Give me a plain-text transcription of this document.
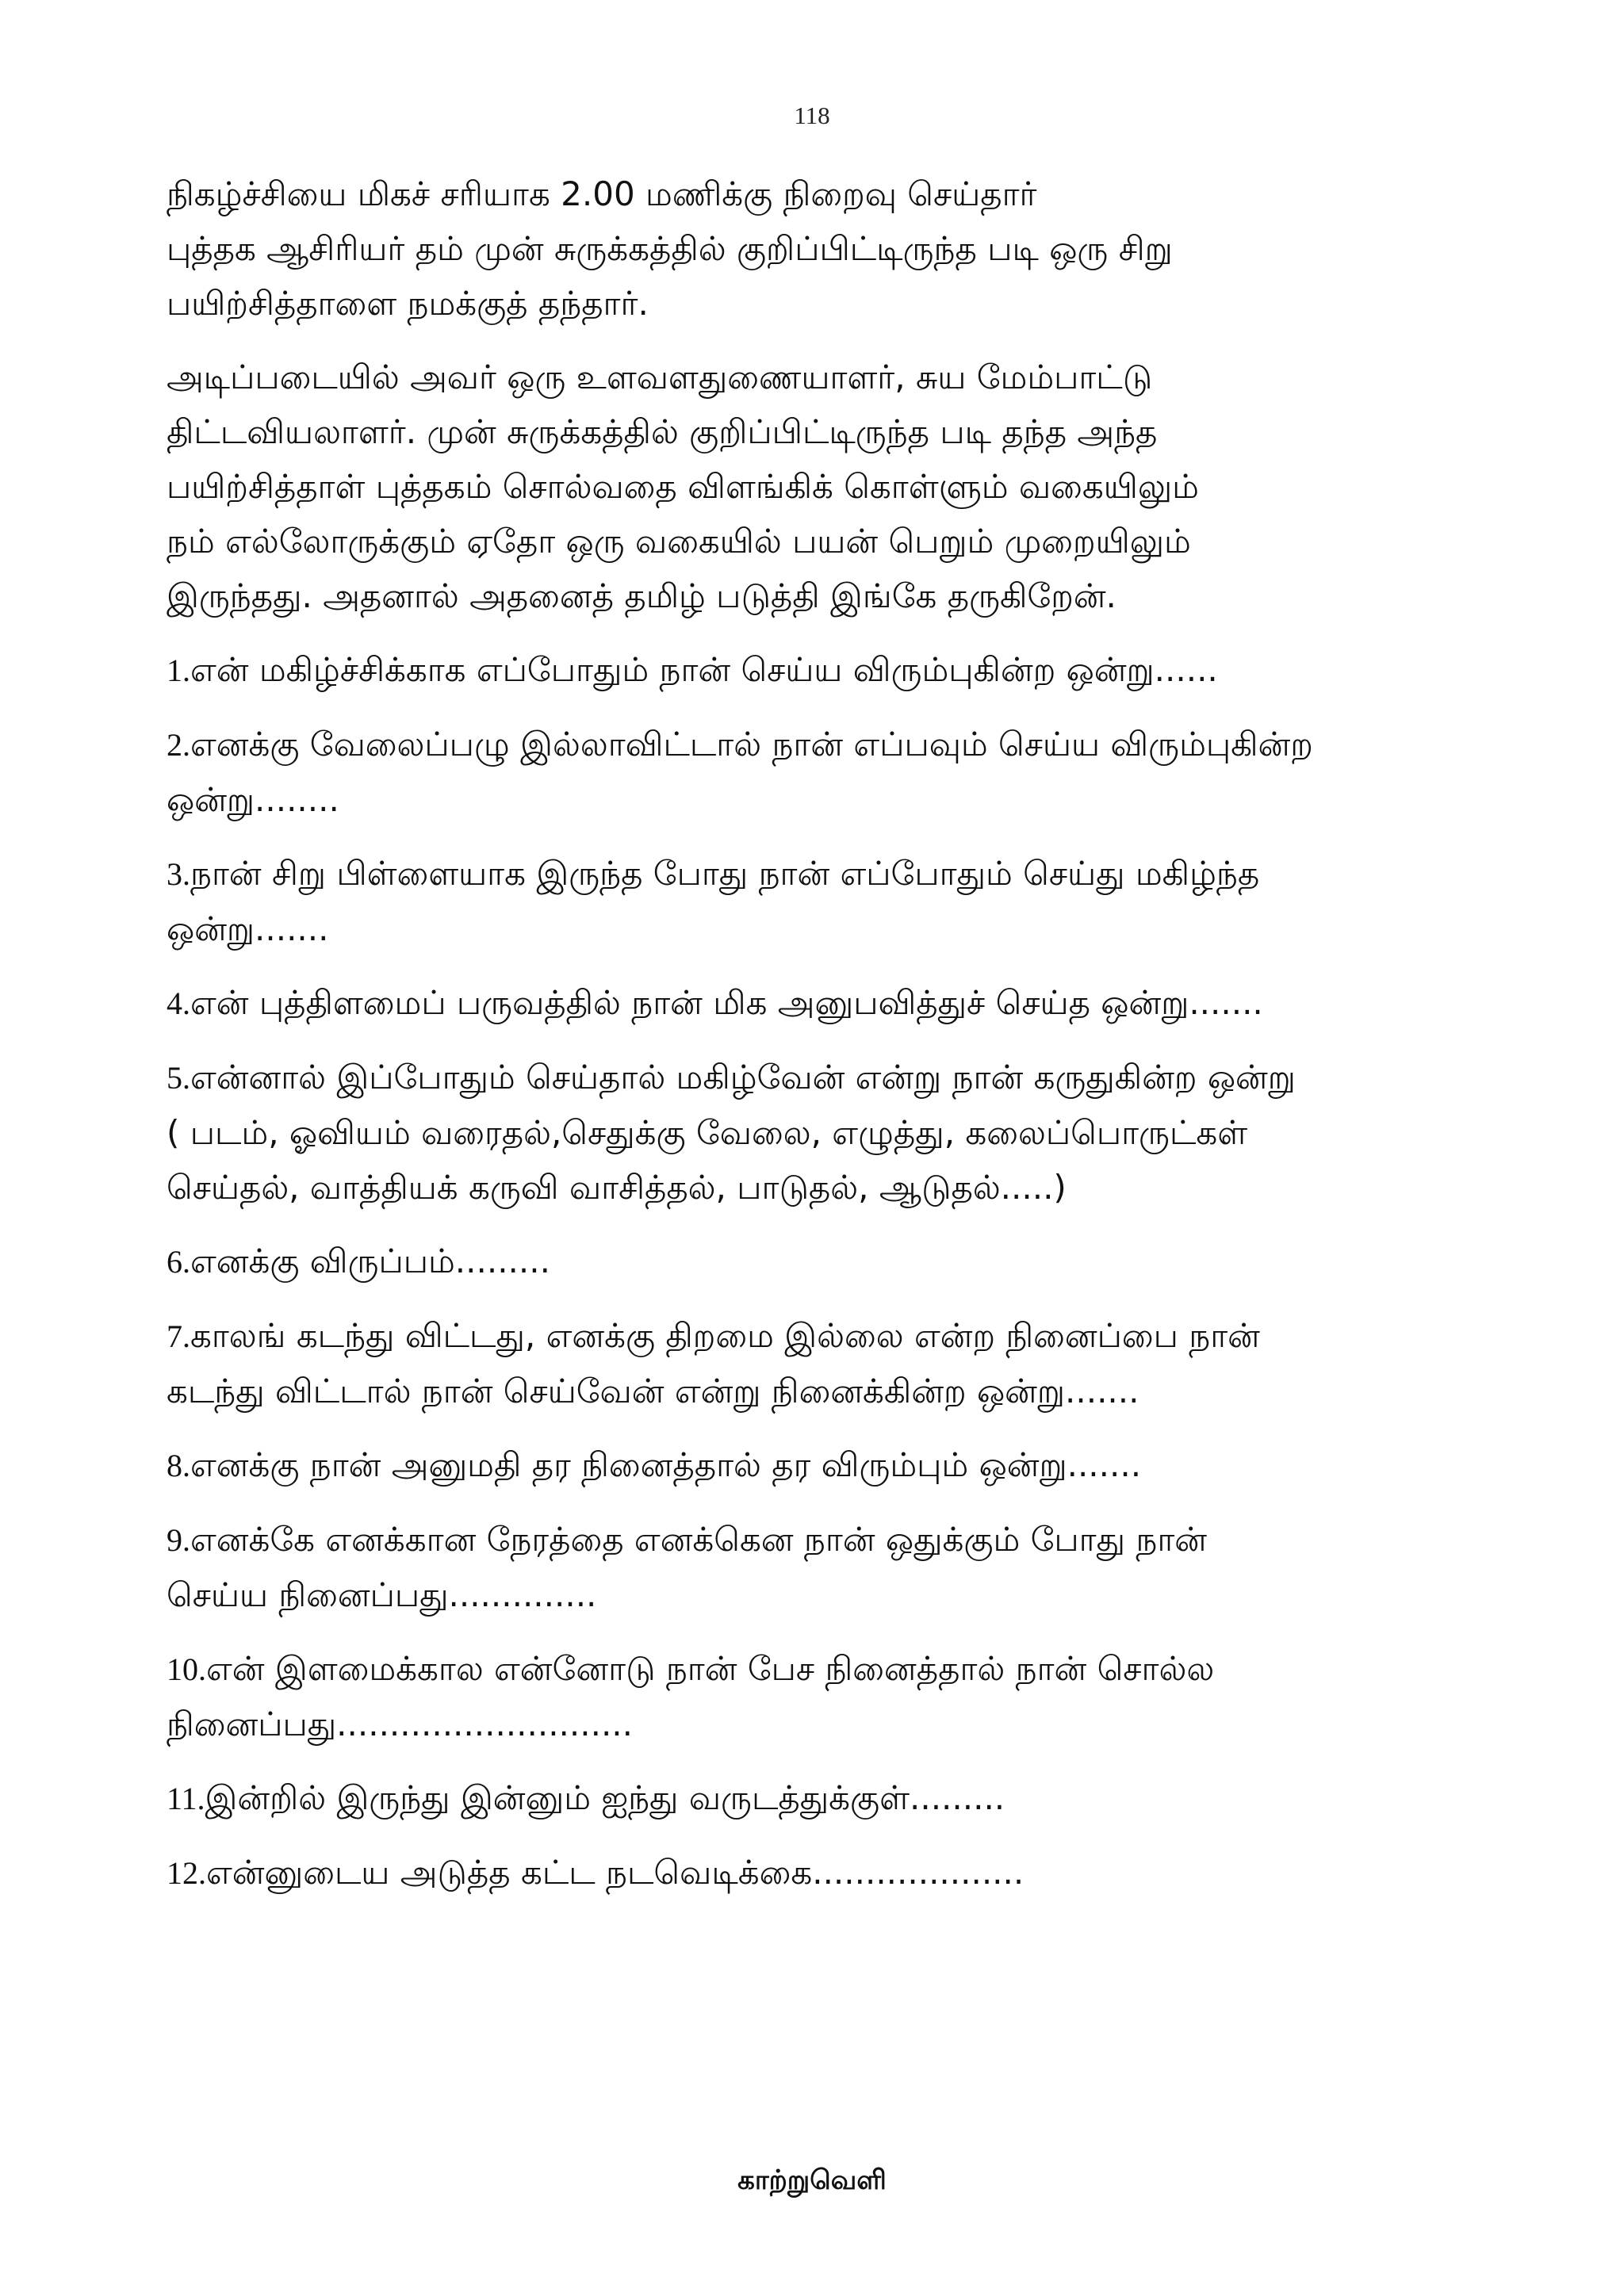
118
நிகழ்ச்சியை மிகச் சரியாக 2.00 மணிக்கு நிறைவு செய்தார்
புத்தக ஆசிரியர் தம் முன் சுருக்கத்தில் குறிப்பிட்டிருந்த படி ஒரு சிறு
பயிற்சித்தாளை நமக்குத் தந்தார்.
அடிப்படையில் அவர் ஒரு உளவளதுணையாளர், சுய மேம்பாட்டு
திட்டவியலாளர். முன் சுருக்கத்தில் குறிப்பிட்டிருந்த படி தந்த அந்த
பயிற்சித்தாள் புத்தகம் சொல்வதை விளங்கிக் கொள்ளும் வகையிலும்
நம் எல்லோருக்கும் ஏதோ ஒரு வகையில் பயன் பெறும் முறையிலும்
இருந்தது. அதனால் அதனைத் தமிழ் படுத்தி இங்கே தருகிறேன்.
1.என் மகிழ்ச்சிக்காக எப்போதும் நான் செய்ய விரும்புகின்ற ஒன்று......
2.எனக்கு வேலைப்பழு இல்லாவிட்டால் நான் எப்பவும் செய்ய விரும்புகின்ற
ஒன்று........
3.நான் சிறு பிள்ளையாக இருந்த போது நான் எப்போதும் செய்து மகிழ்ந்த
ஒன்று.......
4.என் புத்திளமைப் பருவத்தில் நான் மிக அனுபவித்துச் செய்த ஒன்று.......
5.என்னால் இப்போதும் செய்தால் மகிழ்வேன் என்று நான் கருதுகின்ற ஒன்று
( படம், ஓவியம் வரைதல்,செதுக்கு வேலை, எழுத்து, கலைப்பொருட்கள்
செய்தல், வாத்தியக் கருவி வாசித்தல், பாடுதல், ஆடுதல்.....)
6.எனக்கு விருப்பம்.........
7.காலங் கடந்து விட்டது, எனக்கு திறமை இல்லை என்ற நினைப்பை நான்
கடந்து விட்டால் நான் செய்வேன் என்று நினைக்கின்ற ஒன்று.......
8.எனக்கு நான் அனுமதி தர நினைத்தால் தர விரும்பும் ஒன்று.......
9.எனக்கே எனக்கான நேரத்தை எனக்கென நான் ஒதுக்கும் போது நான்
செய்ய நினைப்பது..............
10.என் இளமைக்கால என்னோடு நான் பேச நினைத்தால் நான் சொல்ல
நினைப்பது............................
11.இன்றில் இருந்து இன்னும் ஐந்து வருடத்துக்குள்.........
12.என்னுடைய அடுத்த கட்ட நடவெடிக்கை....................
காற்றுவெளி
